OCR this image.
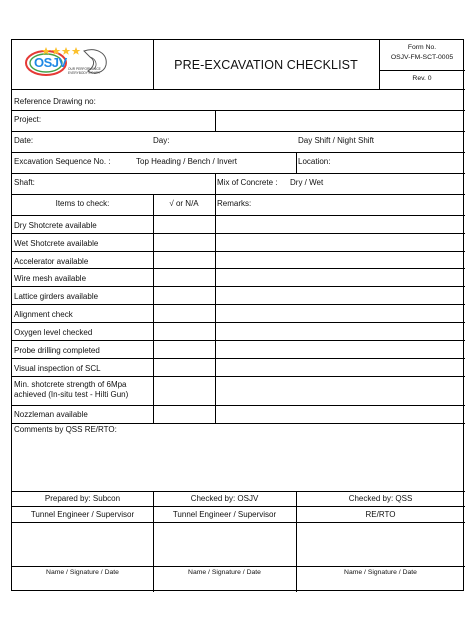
OSJV OUR PERFORMANCE
EVERYBODY'S DUTY
PRE-EXCAVATION CHECKLIST
Form No.
OSJV-FM-SCT-0005
Rev. 0
Reference Drawing no:
Project:
Date:	Day:	Day Shift / Night Shift
Excavation Sequence No. :	Top Heading / Bench / Invert	Location:
Shaft:	Mix of Concrete : Dry / Wet
Items to check:	√ or N/A	Remarks:
Dry Shotcrete available
Wet Shotcrete available
Accelerator available
Wire mesh available
Lattice girders available
Alignment check
Oxygen level checked
Probe drilling completed
Visual inspection of SCL
Min. shotcrete strength of 6Mpa achieved (In-situ test - Hilti Gun)
Nozzleman available
Comments by QSS RE/RTO:
Prepared by: Subcon	Checked by: OSJV	Checked by: QSS
Tunnel Engineer / Supervisor	Tunnel Engineer / Supervisor	RE/RTO
Name / Signature / Date	Name / Signature / Date	Name / Signature / Date
